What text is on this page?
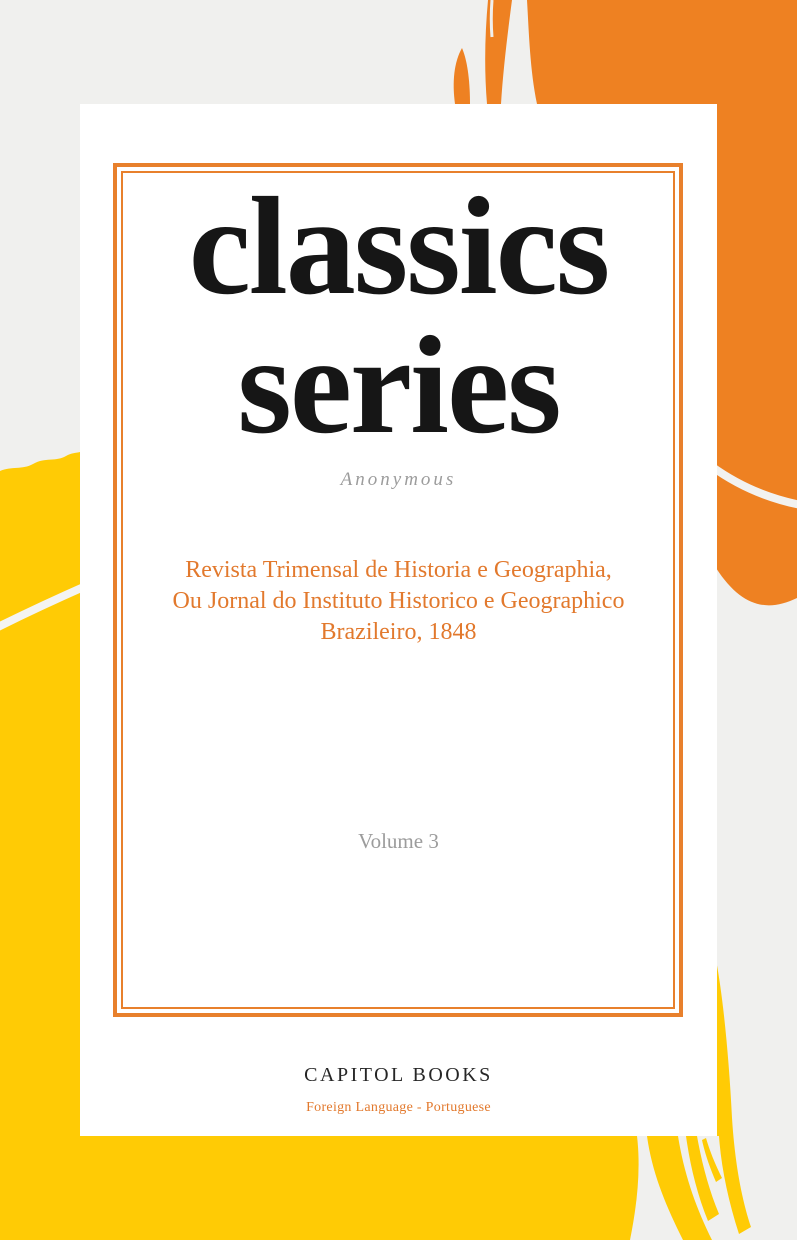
classics series
Anonymous
Revista Trimensal de Historia e Geographia,
Ou Jornal do Instituto Historico e Geographico
Brazileiro, 1848
Volume 3
CAPITOL BOOKS
Foreign Language - Portuguese
